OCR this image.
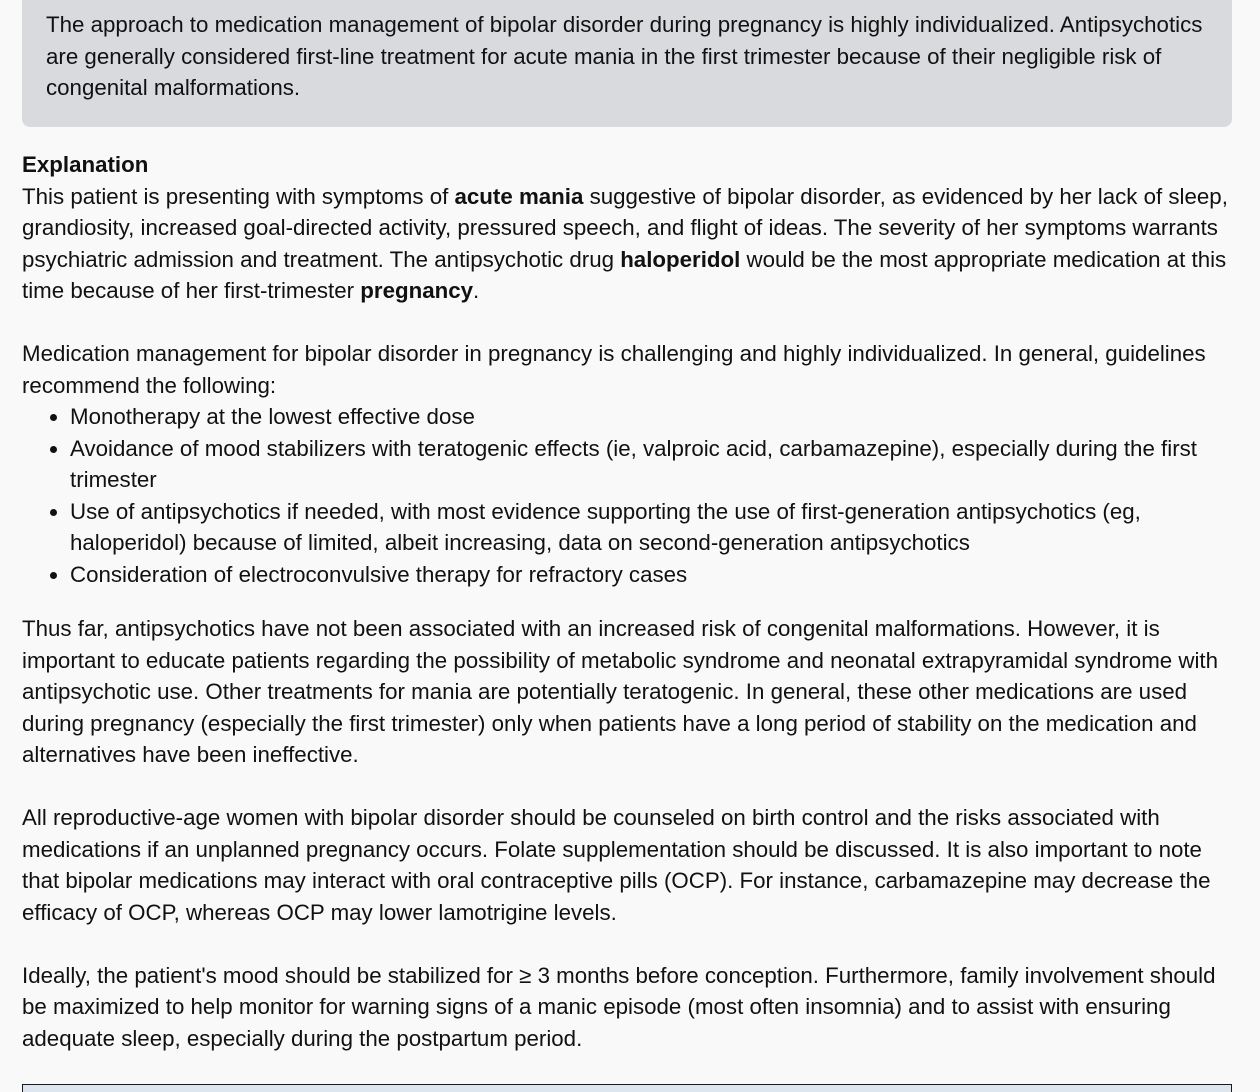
The approach to medication management of bipolar disorder during pregnancy is highly individualized. Antipsychotics are generally considered first-line treatment for acute mania in the first trimester because of their negligible risk of congenital malformations.

Explanation

This patient is presenting with symptoms of acute mania suggestive of bipolar disorder, as evidenced by her lack of sleep, grandiosity, increased goal-directed activity, pressured speech, and flight of ideas. The severity of her symptoms warrants psychiatric admission and treatment. The antipsychotic drug haloperidol would be the most appropriate medication at this time because of her first-trimester pregnancy.

Medication management for bipolar disorder in pregnancy is challenging and highly individualized. In general, guidelines recommend the following:

• Monotherapy at the lowest effective dose
• Avoidance of mood stabilizers with teratogenic effects (ie, valproic acid, carbamazepine), especially during the first trimester
• Use of antipsychotics if needed, with most evidence supporting the use of first-generation antipsychotics (eg, haloperidol) because of limited, albeit increasing, data on second-generation antipsychotics
• Consideration of electroconvulsive therapy for refractory cases

Thus far, antipsychotics have not been associated with an increased risk of congenital malformations. However, it is important to educate patients regarding the possibility of metabolic syndrome and neonatal extrapyramidal syndrome with antipsychotic use. Other treatments for mania are potentially teratogenic. In general, these other medications are used during pregnancy (especially the first trimester) only when patients have a long period of stability on the medication and alternatives have been ineffective.

All reproductive-age women with bipolar disorder should be counseled on birth control and the risks associated with medications if an unplanned pregnancy occurs. Folate supplementation should be discussed. It is also important to note that bipolar medications may interact with oral contraceptive pills (OCP). For instance, carbamazepine may decrease the efficacy of OCP, whereas OCP may lower lamotrigine levels.

Ideally, the patient's mood should be stabilized for ≥ 3 months before conception. Furthermore, family involvement should be maximized to help monitor for warning signs of a manic episode (most often insomnia) and to assist with ensuring adequate sleep, especially during the postpartum period.
